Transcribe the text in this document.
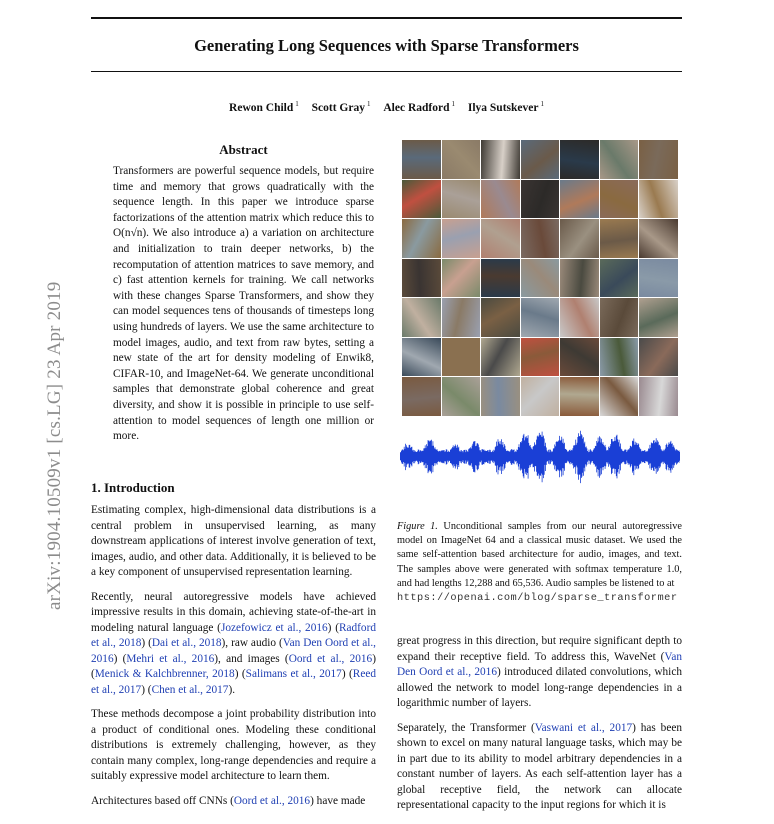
Generating Long Sequences with Sparse Transformers
Rewon Child $^1$ Scott Gray $^1$ Alec Radford $^1$ Ilya Sutskever $^1$
arXiv:1904.10509v1 [cs.LG] 23 Apr 2019
Abstract

Transformers are powerful sequence models, but require time and memory that grows quadratically with the sequence length. In this paper we introduce sparse factorizations of the attention matrix which reduce this to O(n√n). We also introduce a) a variation on architecture and initialization to train deeper networks, b) the recomputation of attention matrices to save memory, and c) fast attention kernels for training. We call networks with these changes Sparse Transformers, and show they can model sequences tens of thousands of timesteps long using hundreds of layers. We use the same architecture to model images, audio, and text from raw bytes, setting a new state of the art for density modeling of Enwik8, CIFAR-10, and ImageNet-64. We generate unconditional samples that demonstrate global coherence and great diversity, and show it is possible in principle to use self-attention to model sequences of length one million or more.

1. Introduction

Estimating complex, high-dimensional data distributions is a central problem in unsupervised learning, as many downstream applications of interest involve generation of text, images, audio, and other data. Additionally, it is believed to be a key component of unsupervised representation learning.

Recently, neural autoregressive models have achieved impressive results in this domain, achieving state-of-the-art in modeling natural language (Jozefowicz et al., 2016) (Radford et al., 2018) (Dai et al., 2018), raw audio (Van Den Oord et al., 2016) (Mehri et al., 2016), and images (Oord et al., 2016) (Menick & Kalchbrenner, 2018) (Salimans et al., 2017) (Reed et al., 2017) (Chen et al., 2017).

These methods decompose a joint probability distribution into a product of conditional ones. Modeling these conditional distributions is extremely challenging, however, as they contain many complex, long-range dependencies and require a suitably expressive model architecture to learn them.

Architectures based off CNNs (Oord et al., 2016) have made

Figure 1. Unconditional samples from our neural autoregressive model on ImageNet 64 and a classical music dataset. We used the same self-attention based architecture for audio, images, and text. The samples above were generated with softmax temperature 1.0, and had lengths 12,288 and 65,536. Audio samples be listened to at
https://openai.com/blog/sparse_transformer

great progress in this direction, but require significant depth to expand their receptive field. To address this, WaveNet (Van Den Oord et al., 2016) introduced dilated convolutions, which allowed the network to model long-range dependencies in a logarithmic number of layers.

Separately, the Transformer (Vaswani et al., 2017) has been shown to excel on many natural language tasks, which may be in part due to its ability to model arbitrary dependencies in a constant number of layers. As each self-attention layer has a global receptive field, the network can allocate representational capacity to the input regions for which it is
